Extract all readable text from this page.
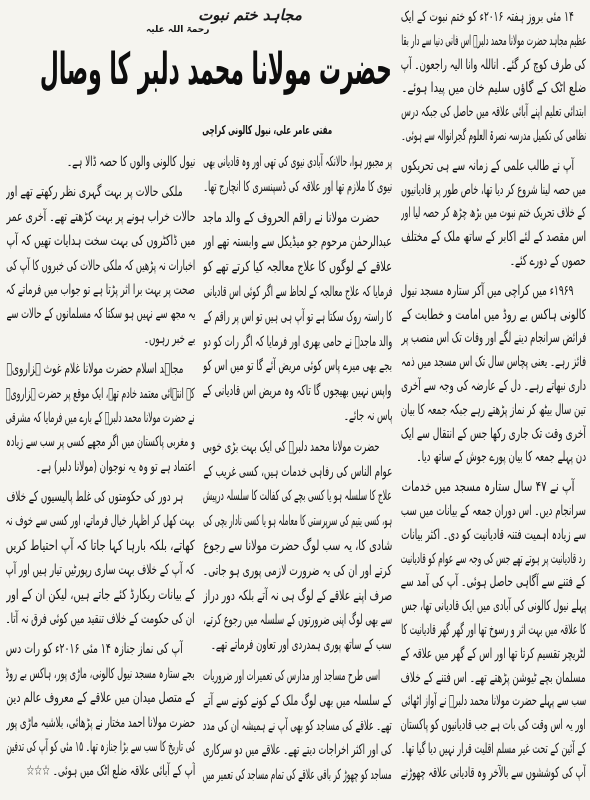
مجاہد ختم نبوت
رحمۃ اللہ علیہ
حضرت مولانا محمد دلبر کا وصال
مفتی عامر علی، نیول کالونی کراچی
۱۴ مئی بروز ہفتہ ۲۰۱۶ء کو ختم نبوت کے ایک
عظیم مجاہد حضرت مولانا محمد دلبرؒ اس فانی دنیا سے دار بقا
کی طرف کوچ کر گئے۔ اناللہ وانا الیہ راجعون۔ آپ
ضلع اٹک کے گاؤں سلیم خان میں پیدا ہوئے۔
ابتدائی تعلیم اپنے آبائی علاقہ میں حاصل کی جبکہ درس
نظامی کی تکمیل مدرسہ نصرۃ العلوم گجرانوالہ سے ہوئی۔
آپ نے طالب علمی کے زمانہ سے ہی تحریکوں
میں حصہ لینا شروع کر دیا تھا، خاص طور پر قادیانیوں
کے خلاف تحریک ختم نبوت میں بڑھ چڑھ کر حصہ لیا اور
اس مقصد کے لئے اکابر کے ساتھ ملک کے مختلف
حصوں کے دورے کئے۔
۱۹۶۹ء میں کراچی میں آکر ستارہ مسجد نیول
کالونی ہاکس بے روڈ میں امامت و خطابت کے
فرائض سرانجام دینے لگے اور وفات تک اس منصب پر
فائز رہے۔ یعنی پچاس سال تک اس مسجد میں ذمہ
داری نبھاتے رہے۔ دل کے عارضہ کی وجہ سے آخری
تین سال بیٹھ کر نماز پڑھتے رہے جبکہ جمعہ کا بیان
آخری وقت تک جاری رکھا جس کے انتقال سے ایک
دن پہلے جمعہ کا بیان پورے جوش کے ساتھ دیا۔
آپ نے ۴۷ سال ستارہ مسجد میں خدمات
سرانجام دیں۔ اس دوران جمعہ کے بیانات میں سب
سے زیادہ اہمیت فتنہ قادیانیت کو دی۔ اکثر بیانات
رد قادیانیت پر ہوتے تھے جس کی وجہ سے عوام کو قادیانیت
کے فتنے سے آگاہی حاصل ہوئی۔ آپ کی آمد سے
پہلے نیول کالونی کی آبادی میں ایک قادیانی تھا، جس
کا علاقہ میں بہت اثر و رسوخ تھا اور گھر گھر قادیانیت کا
لٹریچر تقسیم کرتا تھا اور اس کے گھر میں علاقہ کے
مسلمان بچے ٹیوشن پڑھتے تھے۔ اس فتنے کے خلاف
سب سے پہلے حضرت مولانا محمد دلبرؒ نے آواز اٹھائی
اور یہ اس وقت کی بات ہے جب قادیانیوں کو پاکستان
کے آئین کے تحت غیر مسلم اقلیت قرار نہیں دیا گیا تھا۔
آپ کی کوششوں سے بالآخر وہ قادیانی علاقہ چھوڑنے
پر مجبور ہوا، حالانکہ آبادی نیوی کی تھی اور وہ قادیانی بھی
نیوی کا ملازم تھا اور علاقہ کی ڈسپنسری کا انچارج تھا۔
حضرت مولانا نے راقم الحروف کے والد ماجد
عبدالرحمٰن مرحوم جو میڈیکل سے وابستہ تھے اور
علاقے کے لوگوں کا علاج معالجہ کیا کرتے تھے کو
فرمایا کہ علاج معالجہ کے لحاظ سے اگر کوئی اس قادیانی
کا راستہ روک سکتا ہے تو آپ ہی ہیں تو اس پر راقم کے
والد ماجدؒ نے حامی بھری اور فرمایا کہ اگر رات کو دو
بجے بھی میرے پاس کوئی مریض آئے گا تو میں اس کو
واپس نہیں بھیجوں گا تاکہ وہ مریض اس قادیانی کے
پاس نہ جائے۔
حضرت مولانا محمد دلبرؒ کی ایک بہت بڑی خوبی
عوام الناس کی رفاہی خدمات ہیں، کسی غریب کے
علاج کا سلسلہ ہو یا کسی بچے کی کفالت کا سلسلہ درپیش
ہو، کسی یتیم کی سرپرستی کا معاملہ ہو یا کسی نادار بچی کی
شادی کا، یہ سب لوگ حضرت مولانا سے رجوع
کرتے اور ان کی یہ ضرورت لازمی پوری ہو جاتی۔
صرف اپنے علاقے کے لوگ ہی نہ آتے بلکہ دور دراز
سے بھی لوگ اپنی ضرورتوں کے سلسلہ میں رجوع کرتے،
سب کے ساتھ پوری ہمدردی اور تعاون فرماتے تھے۔
اسی طرح مساجد اور مدارس کی تعمیرات اور ضروریات
کے سلسلہ میں بھی لوگ ملک کے کونے کونے سے آتے
تھے۔ علاقے کی مساجد کو بھی آپ نے ہمیشہ ان کی مدد
کی اور اکثر اخراجات دیتے تھے۔ علاقے میں دو سرکاری
مساجد کو چھوڑ کر باقی علاقے کی تمام مساجد کی تعمیر میں
نیول کالونی والوں کا حصہ ڈالا ہے۔
ملکی حالات پر بہت گہری نظر رکھتے تھے اور
حالات خراب ہونے پر بہت کڑھتے تھے۔ آخری عمر
میں ڈاکٹروں کی بہت سخت ہدایات تھیں کہ آپ
اخبارات نہ پڑھیں کہ ملکی حالات کی خبروں کا آپ کی
صحت پر بہت برا اثر پڑتا ہے تو جواب میں فرماتے کہ
یہ مجھ سے نہیں ہو سکتا کہ مسلمانوں کے حالات سے
بے خبر رہوں۔
مجاہد اسلام حضرت مولانا غلام غوث ہزارویؒ
کے انتہائی معتمد خادم تھے، ایک موقع پر حضرت ہزارویؒ
نے حضرت مولانا محمد دلبرؒ کے بارے میں فرمایا کہ مشرقی
و مغربی پاکستان میں اگر مجھے کسی پر سب سے زیادہ
اعتماد ہے تو وہ یہ نوجوان (مولانا دلبر) ہے۔
ہر دور کی حکومتوں کی غلط پالیسیوں کے خلاف
بہت کھل کر اظہار خیال فرماتے، اور کسی سے خوف نہ
کھاتے، بلکہ بارہا کہا جاتا کہ آپ احتیاط کریں
کہ آپ کے خلاف بہت ساری رپورٹیں تیار ہیں اور آپ
کے بیانات ریکارڈ کئے جاتے ہیں، لیکن ان کے اور
ان کی حکومت کے خلاف تنقید میں کوئی فرق نہ آتا۔
آپ کی نماز جنازہ ۱۴ مئی ۲۰۱۶ء کو رات دس
بجے ستارہ مسجد نیول کالونی، ماڑی پور، ہاکس بے روڈ
کے متصل میدان میں علاقے کے معروف عالم دین
حضرت مولانا احمد مختار نے پڑھائی، بلاشبہ ماڑی پور
کی تاریخ کا سب سے بڑا جنازہ تھا۔ ۱۵ مئی کو آپ کی تدفین
آپ کے آبائی علاقہ ضلع اٹک میں ہوئی۔ ☆☆☆
